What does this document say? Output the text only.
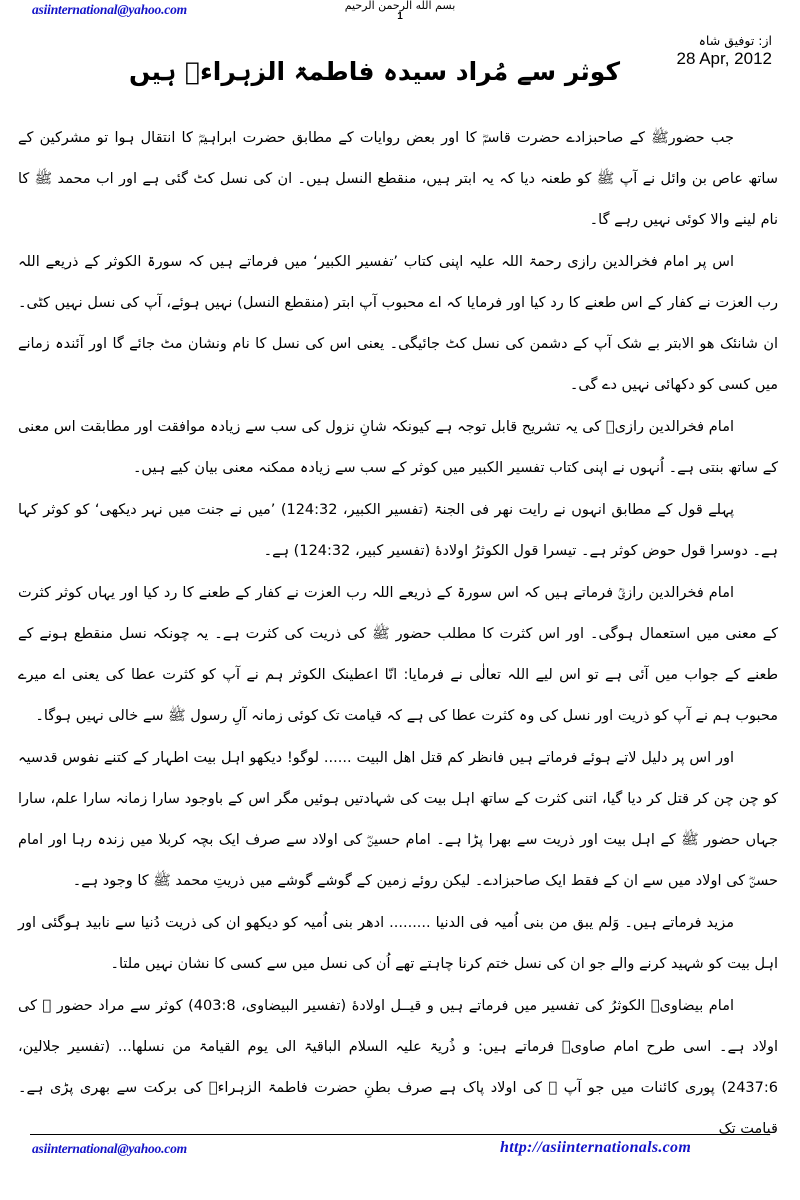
asiinternational@yahoo.com	بسم الله الرحمن الرحيم
1
از: توفیق شاہ
28 Apr, 2012
کوثر سے مُراد سیدہ فاطمۃ الزہراءؓ ہیں

جب حضورﷺ کے صاحبزادے حضرت قاسمؓ کا اور بعض روایات کے مطابق حضرت ابراہیمؓ کا انتقال ہوا تو مشرکین کے ساتھ عاص بن وائل نے آپ ﷺ کو طعنہ دیا کہ یہ ابتر ہیں، منقطع النسل ہیں۔ ان کی نسل کٹ گئی ہے اور اب محمد ﷺ کا نام لینے والا کوئی نہیں رہے گا۔

اس پر امام فخرالدین رازی رحمۃ اللہ علیہ اپنی کتاب ’تفسیر الکبیر‘ میں فرماتے ہیں کہ سورۃ الکوثر کے ذریعے اللہ رب العزت نے کفار کے اس طعنے کا رد کیا اور فرمایا کہ اے محبوب آپ ابتر (منقطع النسل) نہیں ہوئے، آپ کی نسل نہیں کٹی۔ ان شانئک ھو الابتر بے شک آپ کے دشمن کی نسل کٹ جائیگی۔ یعنی اس کی نسل کا نام ونشان مٹ جائے گا اور آئندہ زمانے میں کسی کو دکھائی نہیں دے گی۔

امام فخرالدین رازیؒ کی یہ تشریح قابل توجہ ہے کیونکہ شانِ نزول کی سب سے زیادہ موافقت اور مطابقت اس معنی کے ساتھ بنتی ہے۔ اُنہوں نے اپنی کتاب تفسیر الکبیر میں کوثر کے سب سے زیادہ ممکنہ معنی بیان کیے ہیں۔

پہلے قول کے مطابق انہوں نے رایت نھر فی الجنۃ (تفسیر الکبیر، 124:32) ’میں نے جنت میں نہر دیکھی‘ کو کوثر کہا ہے۔ دوسرا قول حوض کوثر ہے۔ تیسرا قول الکوثرُ اولادهٔ (تفسیر کبیر، 124:32) ہے۔

امام فخرالدین رازیؒ فرماتے ہیں کہ اس سورۃ کے ذریعے اللہ رب العزت نے کفار کے طعنے کا رد کیا اور یہاں کوثر کثرت کے معنی میں استعمال ہوگی۔ اور اس کثرت کا مطلب حضور ﷺ کی ذریت کی کثرت ہے۔ یہ چونکہ نسل منقطع ہونے کے طعنے کے جواب میں آئی ہے تو اس لیے اللہ تعالٰی نے فرمایا: انّا اعطینک الکوثر ہم نے آپ کو کثرت عطا کی یعنی اے میرے محبوب ہم نے آپ کو ذریت اور نسل کی وہ کثرت عطا کی ہے کہ قیامت تک کوئی زمانہ آلِ رسول ﷺ سے خالی نہیں ہوگا۔

اور اس پر دلیل لاتے ہوئے فرماتے ہیں فانظر کم قتل اھل البیت ...... لوگو! دیکھو اہل بیت اطہار کے کتنے نفوس قدسیہ کو چن چن کر قتل کر دیا گیا، اتنی کثرت کے ساتھ اہل بیت کی شہادتیں ہوئیں مگر اس کے باوجود سارا زمانہ سارا علم، سارا جہاں حضور ﷺ کے اہل بیت اور ذریت سے بھرا پڑا ہے۔ امام حسینؓ کی اولاد سے صرف ایک بچہ کربلا میں زندہ رہا اور امام حسنؓ کی اولاد میں سے ان کے فقط ایک صاحبزادے۔ لیکن روئے زمین کے گوشے گوشے میں ذریتِ محمد ﷺ کا وجود ہے۔

مزید فرماتے ہیں۔ وَلم یبق من بنی اُمیہ فی الدنیا ......... ادھر بنی اُمیہ کو دیکھو ان کی ذریت دُنیا سے نابید ہوگئی اور اہل بیت کو شہید کرنے والے جو ان کی نسل ختم کرنا چاہتے تھے اُن کی نسل میں سے کسی کا نشان نہیں ملتا۔

امام بیضاویؒ الکوثرُ کی تفسیر میں فرماتے ہیں و قیــل اولادهٔ (تفسیر البیضاوی، 403:8) کوثر سے مراد حضور ﷺ کی اولاد ہے۔ اسی طرح امام صاویؒ فرماتے ہیں: و ذُریۃ علیہ السلام الباقیۃ الی یوم القیامۃ من نسلھا... (تفسیر جلالین، 2437:6) پوری کائنات میں جو آپ ﷺ کی اولاد پاک ہے صرف بطنِ حضرت فاطمۃ الزہراءؓ کی برکت سے بھری پڑی ہے۔ قیامت تک

asiinternational@yahoo.com	http://asiinternationals.com
